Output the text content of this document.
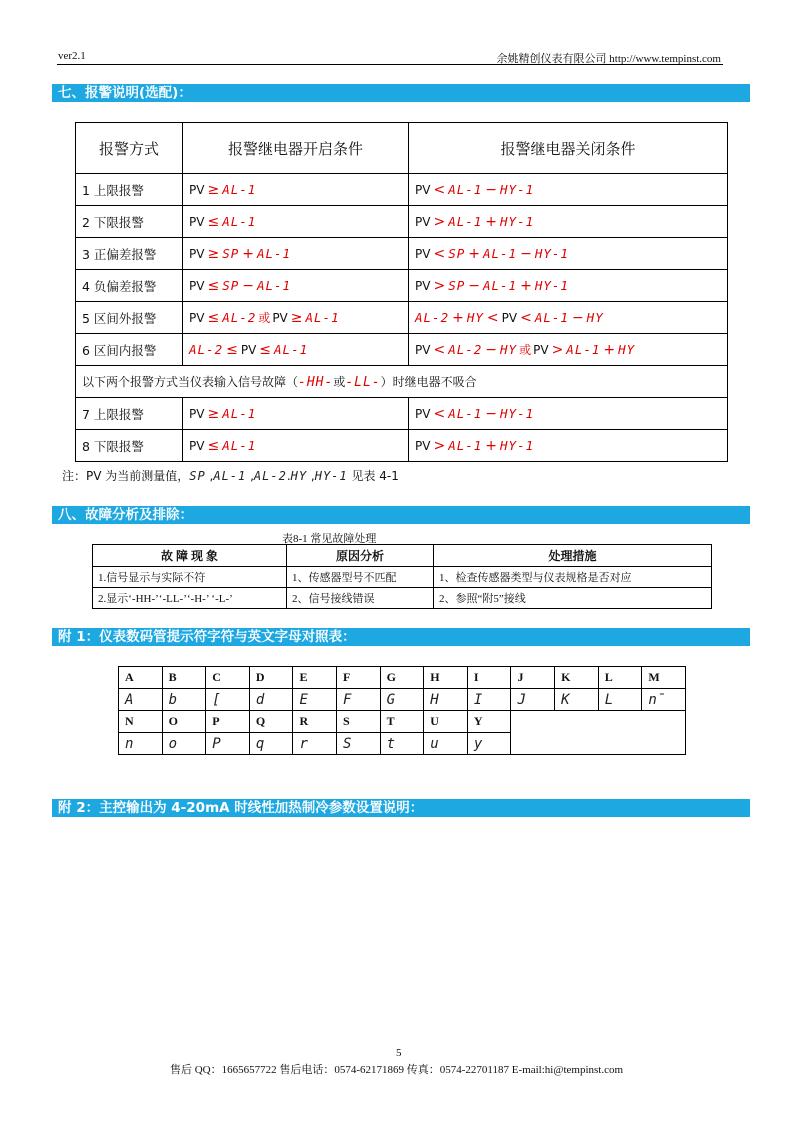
ver2.1	余姚精创仪表有限公司 http://www.tempinst.com
七、报警说明(选配)：
报警方式	报警继电器开启条件	报警继电器关闭条件
1 上限报警	PV ≥ AL-1	PV < AL-1 − HY-1
2 下限报警	PV ≤ AL-1	PV > AL-1 + HY-1
3 正偏差报警	PV ≥ SP + AL-1	PV < SP + AL-1 − HY-1
4 负偏差报警	PV ≤ SP − AL-1	PV > SP − AL-1 + HY-1
5 区间外报警	PV ≤ AL-2 或 PV ≥ AL-1	AL-2 + HY < PV < AL-1 − HY
6 区间内报警	AL-2 ≤ PV ≤ AL-1	PV < AL-2 − HY 或 PV > AL-1 + HY
以下两个报警方式当仪表输入信号故障（-HH-或-LL-）时继电器不吸合		
7 上限报警	PV ≥ AL-1	PV < AL-1 − HY-1
8 下限报警	PV ≤ AL-1	PV > AL-1 + HY-1
注：PV 为当前测量值，SP ,AL-1 ,AL-2.HY ,HY-1 见表 4-1
八、故障分析及排除：
表8-1 常见故障处理
故 障 现 象	原因分析	处理措施
1.信号显示与实际不符	1、传感器型号不匹配	1、检查传感器类型与仪表规格是否对应
2.显示‘-HH-’‘-LL-’‘-H-’ ‘-L-’	2、信号接线错误	2、参照“附5”接线
附 1：仪表数码管提示符字符与英文字母对照表：
A	B	C	D	E	F	G	H	I	J	K	L	M
A	b	[	d	E	F	G	H	I	J	K	L	n̄
N	O	P	Q	R	S	T	U	Y				
n	o	P	q	r	S	t	u	y				
附 2：主控输出为 4-20mA 时线性加热制冷参数设置说明：
5
售后 QQ：1665657722 售后电话：0574-62171869 传真：0574-22701187 E-mail:hi@tempinst.com
